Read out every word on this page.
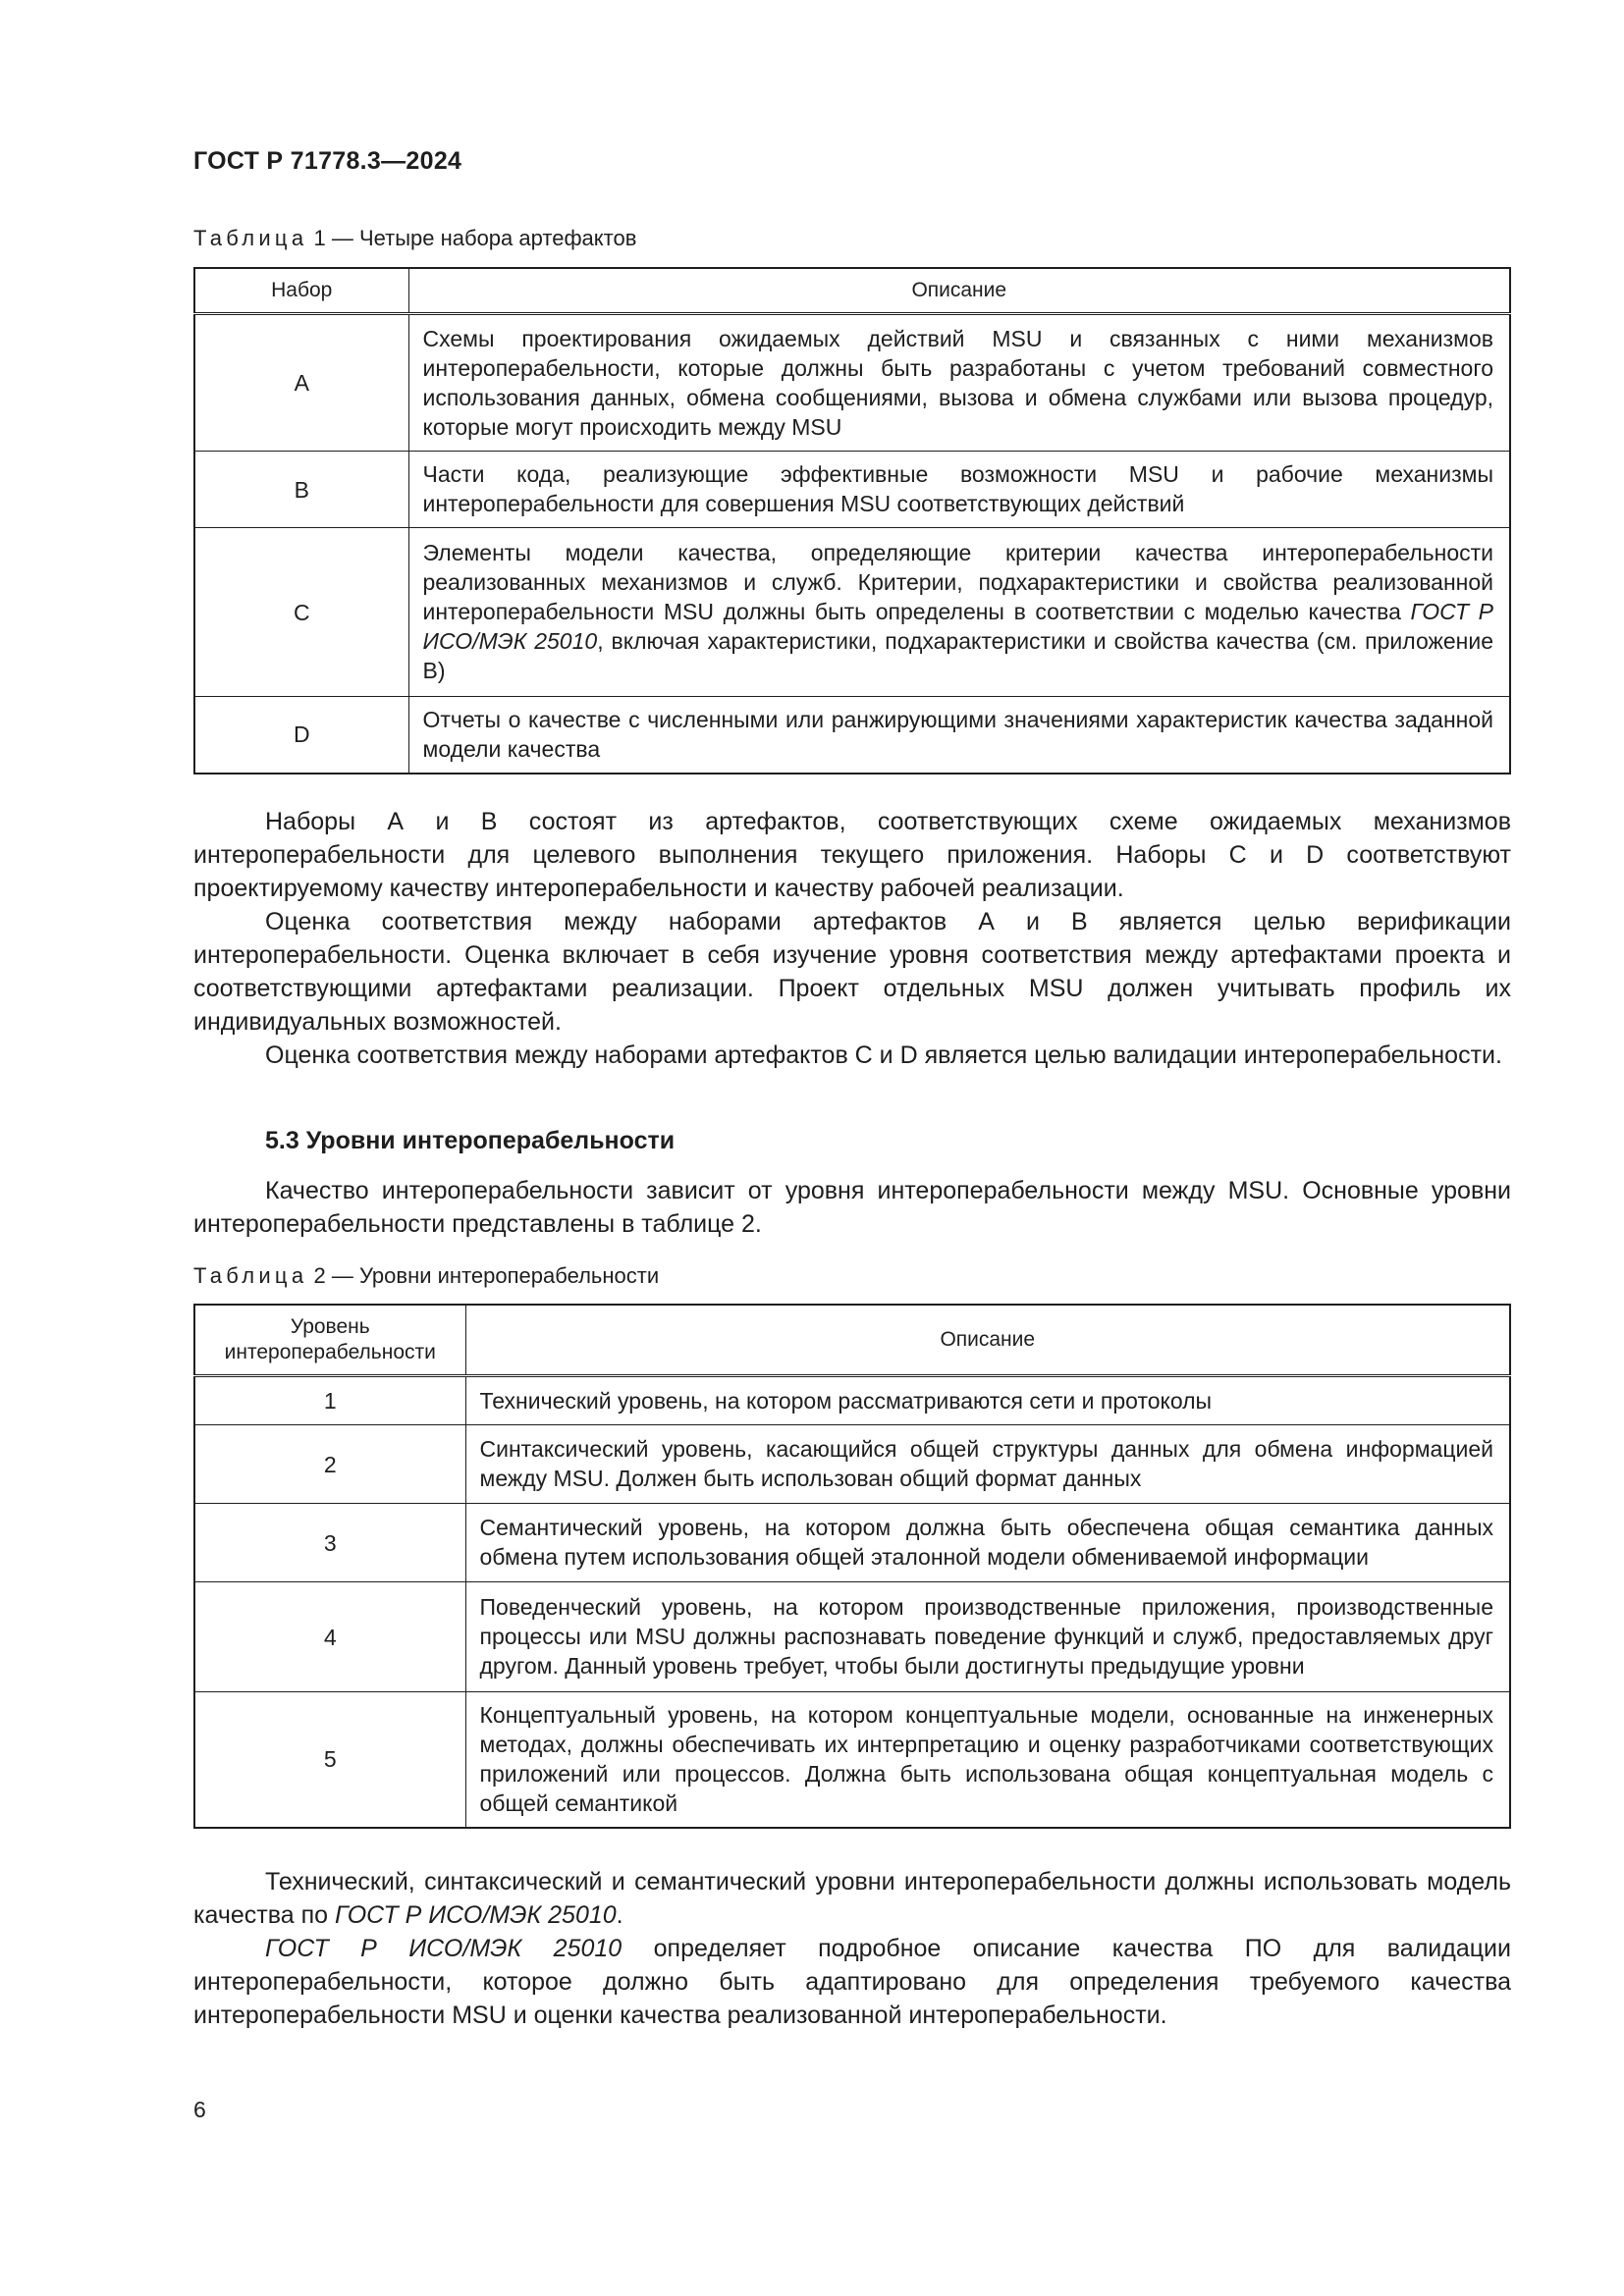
ГОСТ Р 71778.3—2024
Таблица 1 — Четыре набора артефактов
Набор	Описание
A	Схемы проектирования ожидаемых действий MSU и связанных с ними механизмов интероперабельности, которые должны быть разработаны с учетом требований совместного использования данных, обмена сообщениями, вызова и обмена службами или вызова процедур, которые могут происходить между MSU
B	Части кода, реализующие эффективные возможности MSU и рабочие механизмы интероперабельности для совершения MSU соответствующих действий
C	Элементы модели качества, определяющие критерии качества интероперабельности реализованных механизмов и служб. Критерии, подхарактеристики и свойства реализованной интероперабельности MSU должны быть определены в соответствии с моделью качества ГОСТ Р ИСО/МЭК 25010, включая характеристики, подхарактеристики и свойства качества (см. приложение В)
D	Отчеты о качестве с численными или ранжирующими значениями характеристик качества заданной модели качества

Наборы А и В состоят из артефактов, соответствующих схеме ожидаемых механизмов интероперабельности для целевого выполнения текущего приложения. Наборы С и D соответствуют проектируемому качеству интероперабельности и качеству рабочей реализации.

Оценка соответствия между наборами артефактов А и В является целью верификации интероперабельности. Оценка включает в себя изучение уровня соответствия между артефактами проекта и соответствующими артефактами реализации. Проект отдельных MSU должен учитывать профиль их индивидуальных возможностей.

Оценка соответствия между наборами артефактов С и D является целью валидации интероперабельности.

5.3 Уровни интероперабельности

Качество интероперабельности зависит от уровня интероперабельности между MSU. Основные уровни интероперабельности представлены в таблице 2.

Таблица 2 — Уровни интероперабельности
Уровень интероперабельности	Описание
1	Технический уровень, на котором рассматриваются сети и протоколы
2	Синтаксический уровень, касающийся общей структуры данных для обмена информацией между MSU. Должен быть использован общий формат данных
3	Семантический уровень, на котором должна быть обеспечена общая семантика данных обмена путем использования общей эталонной модели обмениваемой информации
4	Поведенческий уровень, на котором производственные приложения, производственные процессы или MSU должны распознавать поведение функций и служб, предоставляемых друг другом. Данный уровень требует, чтобы были достигнуты предыдущие уровни
5	Концептуальный уровень, на котором концептуальные модели, основанные на инженерных методах, должны обеспечивать их интерпретацию и оценку разработчиками соответствующих приложений или процессов. Должна быть использована общая концептуальная модель с общей семантикой

Технический, синтаксический и семантический уровни интероперабельности должны использовать модель качества по ГОСТ Р ИСО/МЭК 25010.

ГОСТ Р ИСО/МЭК 25010 определяет подробное описание качества ПО для валидации интероперабельности, которое должно быть адаптировано для определения требуемого качества интероперабельности MSU и оценки качества реализованной интероперабельности.

6
